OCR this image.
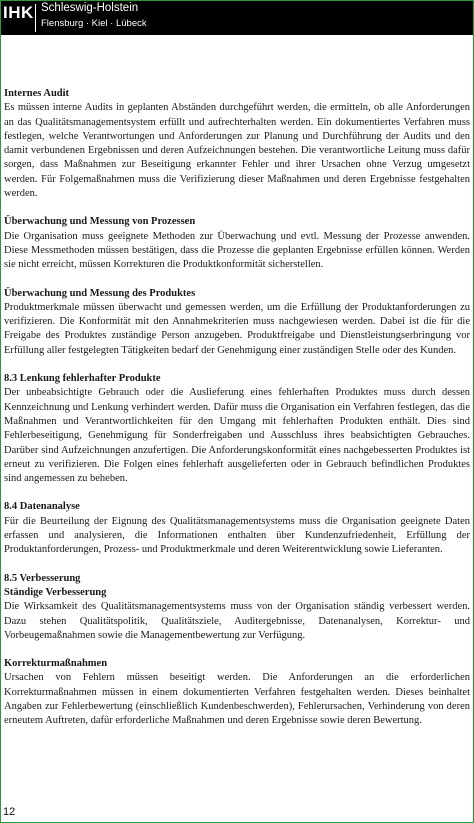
IHK Schleswig-Holstein
Flensburg · Kiel · Lübeck
Internes Audit

Es müssen interne Audits in geplanten Abständen durchgeführt werden, die ermitteln, ob alle Anforderungen an das Qualitätsmanagementsystem erfüllt und aufrechterhalten werden. Ein dokumentiertes Verfahren muss festlegen, welche Verantwortungen und Anforderungen zur Planung und Durchführung der Audits und den damit verbundenen Ergebnissen und deren Aufzeichnungen bestehen. Die verantwortliche Leitung muss dafür sorgen, dass Maßnahmen zur Beseitigung erkannter Fehler und ihrer Ursachen ohne Verzug umgesetzt werden. Für Folgemaßnahmen muss die Verifizierung dieser Maßnahmen und deren Ergebnisse festgehalten werden.

Überwachung und Messung von Prozessen

Die Organisation muss geeignete Methoden zur Überwachung und evtl. Messung der Prozesse anwenden. Diese Messmethoden müssen bestätigen, dass die Prozesse die geplanten Ergebnisse erfüllen können. Werden sie nicht erreicht, müssen Korrekturen die Produktkonformität sicherstellen.

Überwachung und Messung des Produktes

Produktmerkmale müssen überwacht und gemessen werden, um die Erfüllung der Produktanforderungen zu verifizieren. Die Konformität mit den Annahmekriterien muss nachgewiesen werden. Dabei ist die für die Freigabe des Produktes zuständige Person anzugeben. Produktfreigabe und Dienstleistungserbringung vor Erfüllung aller festgelegten Tätigkeiten bedarf der Genehmigung einer zuständigen Stelle oder des Kunden.

8.3 Lenkung fehlerhafter Produkte

Der unbeabsichtigte Gebrauch oder die Auslieferung eines fehlerhaften Produktes muss durch dessen Kennzeichnung und Lenkung verhindert werden. Dafür muss die Organisation ein Verfahren festlegen, das die Maßnahmen und Verantwortlichkeiten für den Umgang mit fehlerhaften Produkten enthält. Dies sind Fehlerbeseitigung, Genehmigung für Sonderfreigaben und Ausschluss ihres beabsichtigten Gebrauches. Darüber sind Aufzeichnungen anzufertigen. Die Anforderungskonformität eines nachgebesserten Produktes ist erneut zu verifizieren. Die Folgen eines fehlerhaft ausgelieferten oder in Gebrauch befindlichen Produktes sind angemessen zu beheben.

8.4 Datenanalyse

Für die Beurteilung der Eignung des Qualitätsmanagementsystems muss die Organisation geeignete Daten erfassen und analysieren, die Informationen enthalten über Kundenzufriedenheit, Erfüllung der Produktanforderungen, Prozess- und Produktmerkmale und deren Weiterentwicklung sowie Lieferanten.

8.5 Verbesserung
Ständige Verbesserung

Die Wirksamkeit des Qualitätsmanagementsystems muss von der Organisation ständig verbessert werden. Dazu stehen Qualitätspolitik, Qualitätsziele, Auditergebnisse, Datenanalysen, Korrektur- und Vorbeugemaßnahmen sowie die Managementbewertung zur Verfügung.

Korrekturmaßnahmen

Ursachen von Fehlern müssen beseitigt werden. Die Anforderungen an die erforderlichen Korrekturmaßnahmen müssen in einem dokumentierten Verfahren festgehalten werden. Dieses beinhaltet Angaben zur Fehlerbewertung (einschließlich Kundenbeschwerden), Fehlerursachen, Verhinderung von deren erneutem Auftreten, dafür erforderliche Maßnahmen und deren Ergebnisse sowie deren Bewertung.

12
